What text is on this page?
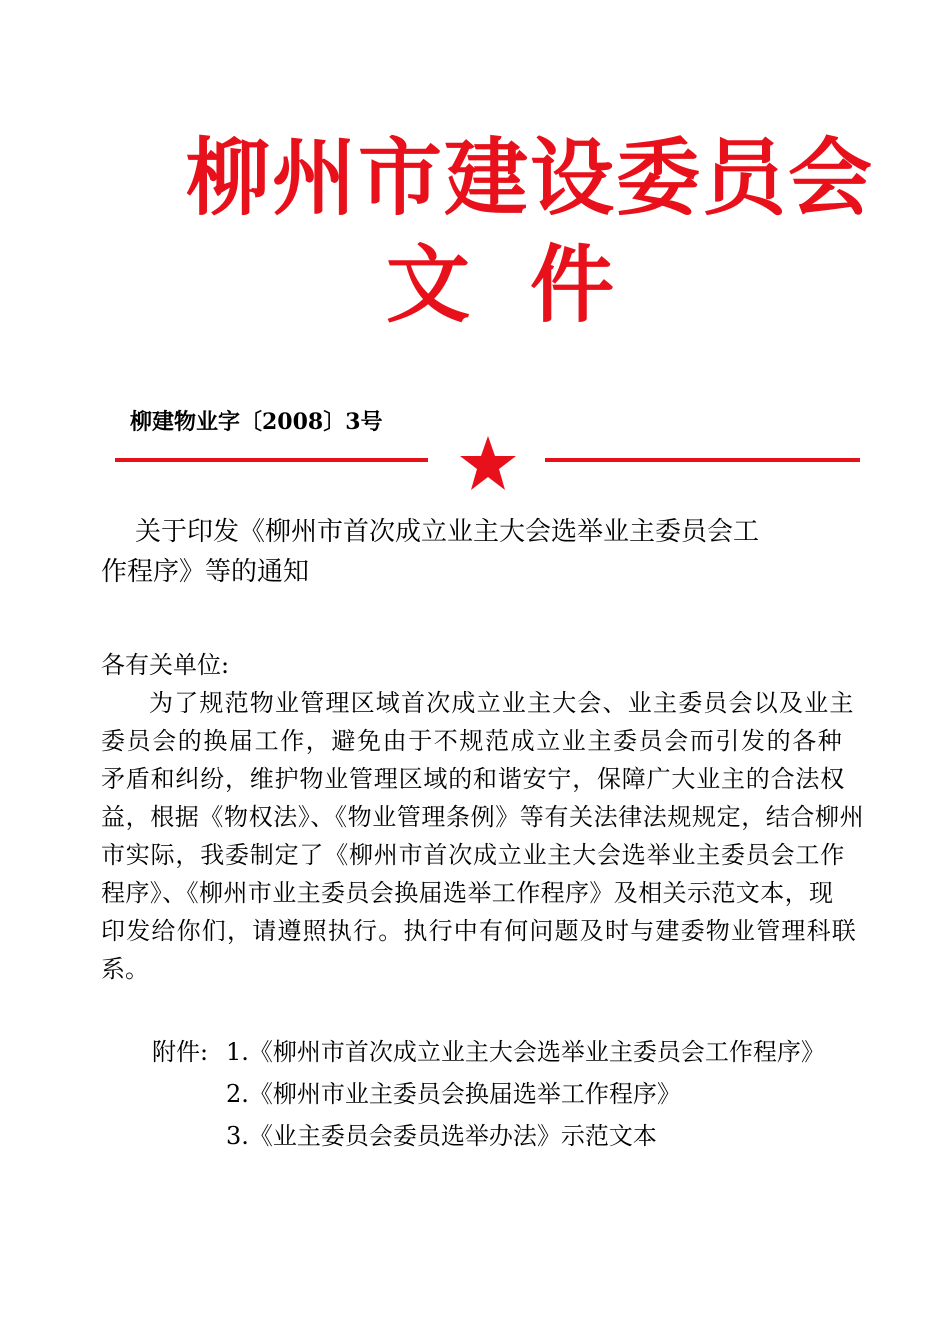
柳州市建设委员会
文件
柳建物业字〔2008〕3号
关于印发《柳州市首次成立业主大会选举业主委员会工
作程序》等的通知
各有关单位:
为了规范物业管理区域首次成立业主大会、业主委员会以及业主
委员会的换届工作，避免由于不规范成立业主委员会而引发的各种
矛盾和纠纷，维护物业管理区域的和谐安宁，保障广大业主的合法权
益，根据《物权法》、《物业管理条例》等有关法律法规规定，结合柳州
市实际，我委制定了《柳州市首次成立业主大会选举业主委员会工作
程序》、《柳州市业主委员会换届选举工作程序》及相关示范文本，现
印发给你们，请遵照执行。执行中有何问题及时与建委物业管理科联
系。
附件: 1.《柳州市首次成立业主大会选举业主委员会工作程序》
2.《柳州市业主委员会换届选举工作程序》
3.《业主委员会委员选举办法》示范文本
